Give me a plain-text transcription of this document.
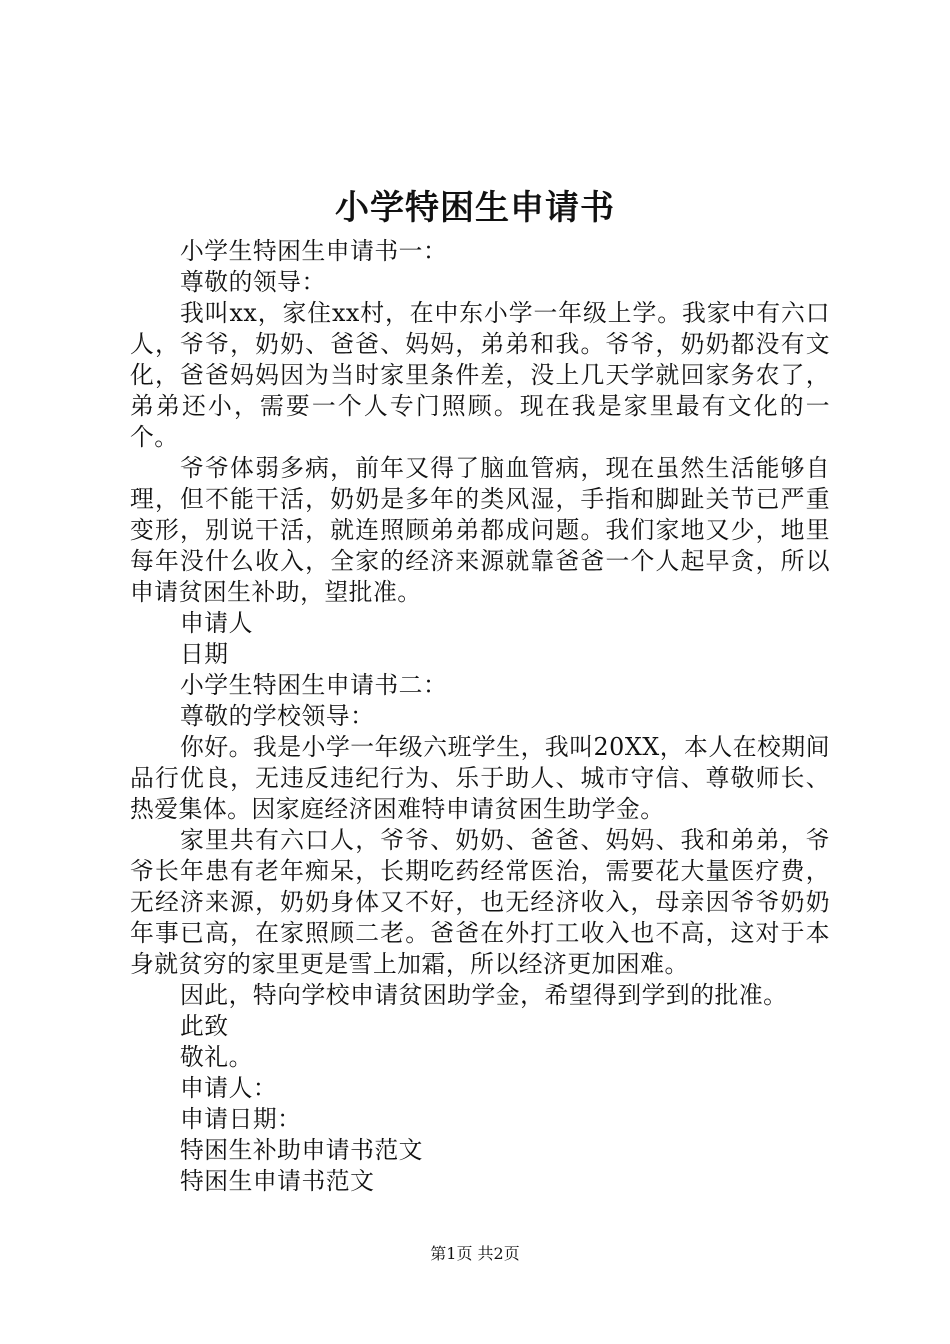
小学特困生申请书

小学生特困生申请书一：

尊敬的领导：

我叫xx，家住xx村，在中东小学一年级上学。我家中有六口人，爷爷，奶奶、爸爸、妈妈，弟弟和我。爷爷，奶奶都没有文化，爸爸妈妈因为当时家里条件差，没上几天学就回家务农了，弟弟还小，需要一个人专门照顾。现在我是家里最有文化的一个。

爷爷体弱多病，前年又得了脑血管病，现在虽然生活能够自理，但不能干活，奶奶是多年的类风湿，手指和脚趾关节已严重变形，别说干活，就连照顾弟弟都成问题。我们家地又少，地里每年没什么收入，全家的经济来源就靠爸爸一个人起早贪，所以申请贫困生补助，望批准。

申请人

日期

小学生特困生申请书二：

尊敬的学校领导：

你好。我是小学一年级六班学生，我叫20XX，本人在校期间品行优良，无违反违纪行为、乐于助人、城市守信、尊敬师长、热爱集体。因家庭经济困难特申请贫困生助学金。

家里共有六口人，爷爷、奶奶、爸爸、妈妈、我和弟弟，爷爷长年患有老年痴呆，长期吃药经常医治，需要花大量医疗费，无经济来源，奶奶身体又不好，也无经济收入，母亲因爷爷奶奶年事已高，在家照顾二老。爸爸在外打工收入也不高，这对于本身就贫穷的家里更是雪上加霜，所以经济更加困难。

因此，特向学校申请贫困助学金，希望得到学到的批准。

此致

敬礼。

申请人：

申请日期：

特困生补助申请书范文

特困生申请书范文

第1页 共2页
